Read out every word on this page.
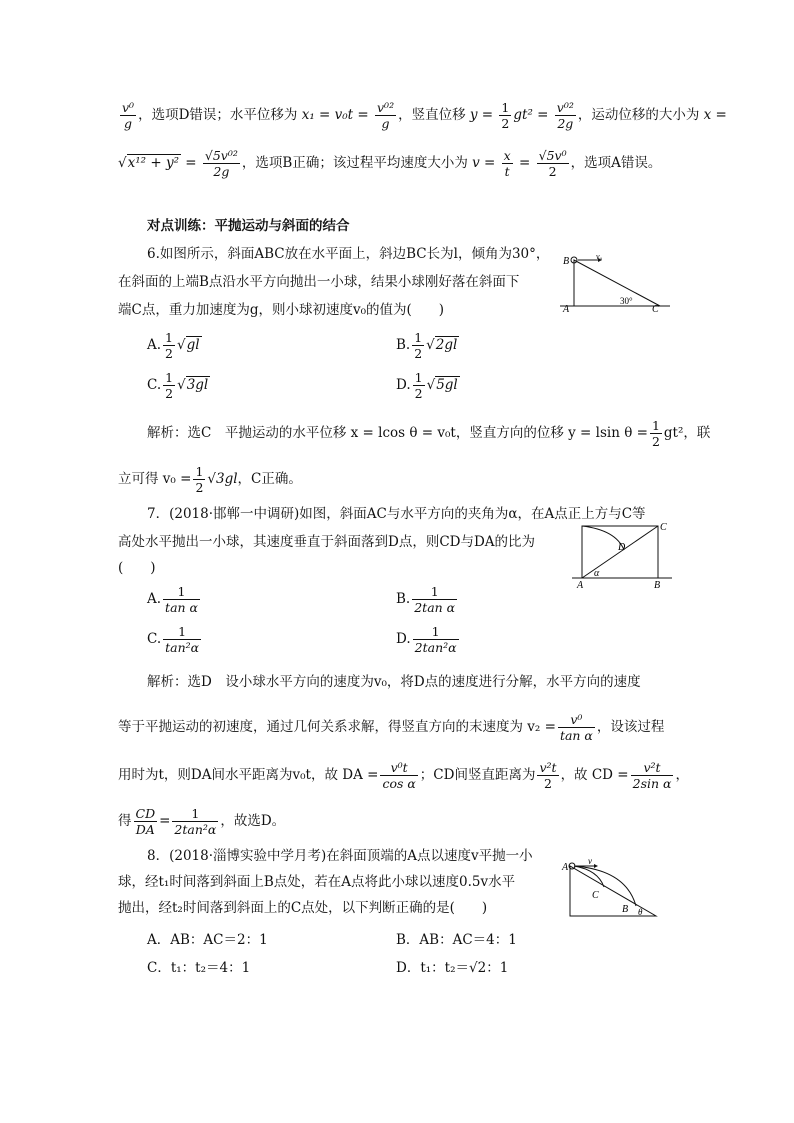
$\frac{\text{v⁰}}{g}$ ，选项D错误；水平位移为 $x_1 = v_0t = \frac{\text{v⁰²}}{g}$ ，竖直位移 $y = \frac{1}{2} gt^2 = \frac{\text{v⁰²}}{2g}$ ，运动位移的大小为 x =
$√x^{12} + y^2 = \frac{\text{√5v⁰²}}{2g}$ ，选项B正确；该过程平均速度大小为 $v = \frac{x}{t} = \frac{\text{√5v⁰}}{2}$ ，选项A错误。
对点训练：平抛运动与斜面的结合
6.如图所示，斜面ABC放在水平面上，斜边BC长为l，倾角为30°，
在斜面的上端B点沿水平方向抛出一小球，结果小球刚好落在斜面下
端C点，重力加速度为g，则小球初速度v₀的值为(　　)
B
A	C
30°
v₀
A. $\frac{1}{2} √gl$	B. $\frac{1}{2} √2gl$
C. $\frac{1}{2} √3gl$	D. $\frac{1}{2} √5gl$
解析：选C　平抛运动的水平位移 x = lcos θ = v₀t，竖直方向的位移 y = lsin $\theta = \frac{1}{2} gt^2$，联
立可得 $v_0 = \frac{1}{2} √3gl$，C正确。
7．(2018·邯郸一中调研)如图，斜面AC与水平方向的夹角为α，在A点正上方与C等
高处水平抛出一小球，其速度垂直于斜面落到D点，则CD与DA的比为
(　　)
C
D
A	B
α
A. $\frac{1}{\text{tan α}}$	B. $\frac{1}{\text{2tan α}}$
C. $\frac{1}{\text{tan²α}}$	D. $\frac{1}{\text{2tan²α}}$
解析：选D　设小球水平方向的速度为v₀，将D点的速度进行分解，水平方向的速度
等于平抛运动的初速度，通过几何关系求解，得竖直方向的末速度为 $v_2 = \frac{\text{v⁰}}{\text{tan α}}$ ，设该过程
用时为t，则DA间水平距离为v₀t，故 DA = $\frac{\text{v⁰t}}{\text{cos α}}$ ；CD间竖直距离为 $\frac{\text{v²t}}{2}$ ，故 CD = $\frac{\text{v²t}}{\text{2sin α}}$ ，
得 $\frac{CD}{DA} = \frac{1}{\text{2tan²α}}$ ，故选D。
8．(2018·淄博实验中学月考)在斜面顶端的A点以速度v平抛一小
球，经t₁时间落到斜面上B点处，若在A点将此小球以速度0.5v水平
抛出，经t₂时间落到斜面上的C点处，以下判断正确的是(　　)
A
v
C
B θ
A．AB：AC＝2：1	B．AB：AC＝4：1
C．t₁：t₂＝4：1	D．t₁：t₂＝√2：1
